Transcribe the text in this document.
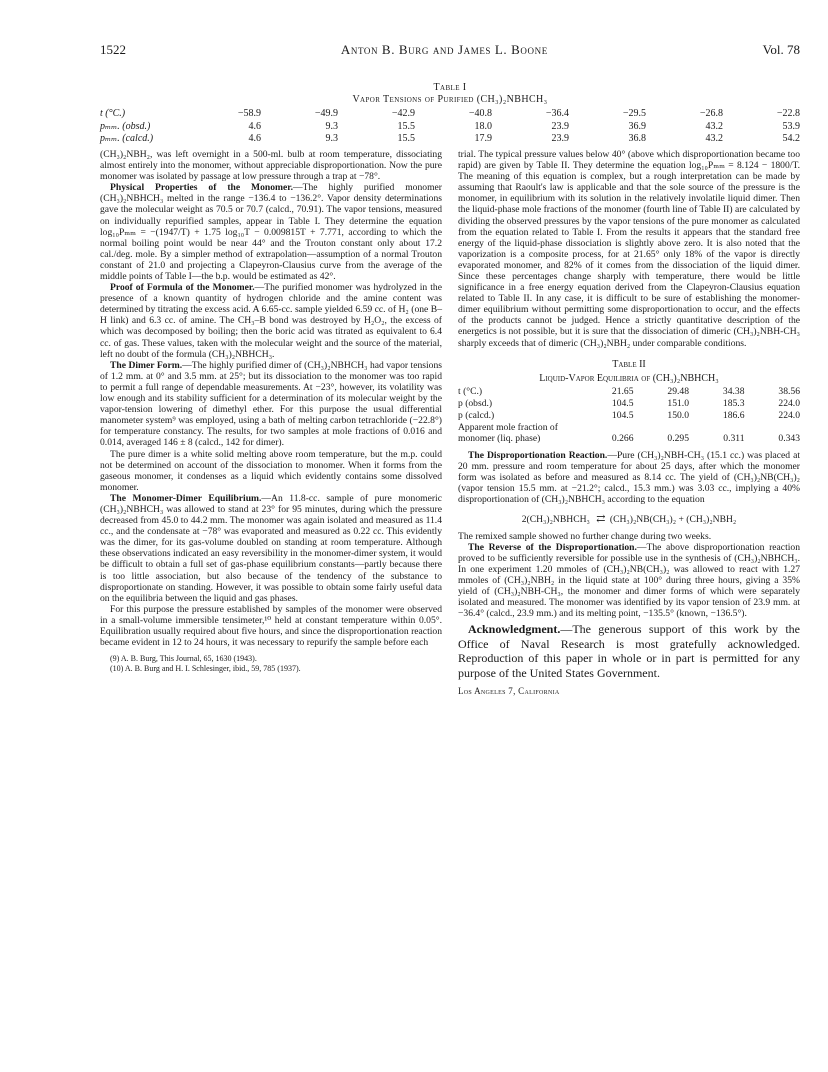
1522	Anton B. Burg and James L. Boone	Vol. 78
Table I
Vapor Tensions of Purified (CH₃)₂NBHCH₃
t (°C.)	−58.9	−49.9	−42.9	−40.8	−36.4	−29.5	−26.8	−22.8
pₘₘ. (obsd.)	4.6	9.3	15.5	18.0	23.9	36.9	43.2	53.9
pₘₘ. (calcd.)	4.6	9.3	15.5	17.9	23.9	36.8	43.2	54.2

(CH₃)₂NBH₂, was left overnight in a 500-ml. bulb at room temperature, dissociating almost entirely into the monomer, without appreciable disproportionation. Now the pure monomer was isolated by passage at low pressure through a trap at −78°.

Physical Properties of the Monomer.—The highly purified monomer (CH₃)₂NBHCH₃ melted in the range −136.4 to −136.2°. Vapor density determinations gave the molecular weight as 70.5 or 70.7 (calcd., 70.91). The vapor tensions, measured on individually repurified samples, appear in Table I. They determine the equation log₁₀Pₘₘ = −(1947/T) + 1.75 log₁₀T − 0.009815T + 7.771, according to which the normal boiling point would be near 44° and the Trouton constant only about 17.2 cal./deg. mole. By a simpler method of extrapolation—assumption of a normal Trouton constant of 21.0 and projecting a Clapeyron-Clausius curve from the average of the middle points of Table I—the b.p. would be estimated as 42°.

Proof of Formula of the Monomer.—The purified monomer was hydrolyzed in the presence of a known quantity of hydrogen chloride and the amine content was determined by titrating the excess acid. A 6.65-cc. sample yielded 6.59 cc. of H₂ (one B–H link) and 6.3 cc. of amine. The CH₃–B bond was destroyed by H₂O₂, the excess of which was decomposed by boiling; then the boric acid was titrated as equivalent to 6.4 cc. of gas. These values, taken with the molecular weight and the source of the material, left no doubt of the formula (CH₃)₂NBHCH₃.

The Dimer Form.—The highly purified dimer of (CH₃)₂NBHCH₃ had vapor tensions of 1.2 mm. at 0° and 3.5 mm. at 25°; but its dissociation to the monomer was too rapid to permit a full range of dependable measurements. At −23°, however, its volatility was low enough and its stability sufficient for a determination of its molecular weight by the vapor-tension lowering of dimethyl ether. For this purpose the usual differential manometer system⁹ was employed, using a bath of melting carbon tetrachloride (−22.8°) for temperature constancy. The results, for two samples at mole fractions of 0.016 and 0.014, averaged 146 ± 8 (calcd., 142 for dimer).

The pure dimer is a white solid melting above room temperature, but the m.p. could not be determined on account of the dissociation to monomer. When it forms from the gaseous monomer, it condenses as a liquid which evidently contains some dissolved monomer.

The Monomer-Dimer Equilibrium.—An 11.8-cc. sample of pure monomeric (CH₃)₂NBHCH₃ was allowed to stand at 23° for 95 minutes, during which the pressure decreased from 45.0 to 44.2 mm. The monomer was again isolated and measured as 11.4 cc., and the condensate at −78° was evaporated and measured as 0.22 cc. This evidently was the dimer, for its gas-volume doubled on standing at room temperature. Although these observations indicated an easy reversibility in the monomer-dimer system, it would be difficult to obtain a full set of gas-phase equilibrium constants—partly because there is too little association, but also because of the tendency of the substance to disproportionate on standing. However, it was possible to obtain some fairly useful data on the equilibria between the liquid and gas phases.

For this purpose the pressure established by samples of the monomer were observed in a small-volume immersible tensimeter,¹⁰ held at constant temperature within 0.05°. Equilibration usually required about five hours, and since the disproportionation reaction became evident in 12 to 24 hours, it was necessary to repurify the sample before each

(9) A. B. Burg, This Journal, 65, 1630 (1943).
(10) A. B. Burg and H. I. Schlesinger, ibid., 59, 785 (1937).

trial. The typical pressure values below 40° (above which disproportionation became too rapid) are given by Table II. They determine the equation log₁₀Pₘₘ = 8.124 − 1800/T. The meaning of this equation is complex, but a rough interpretation can be made by assuming that Raoult's law is applicable and that the sole source of the pressure is the monomer, in equilibrium with its solution in the relatively involatile liquid dimer. Then the liquid-phase mole fractions of the monomer (fourth line of Table II) are calculated by dividing the observed pressures by the vapor tensions of the pure monomer as calculated from the equation related to Table I. From the results it appears that the standard free energy of the liquid-phase dissociation is slightly above zero. It is also noted that the vaporization is a composite process, for at 21.65° only 18% of the vapor is directly evaporated monomer, and 82% of it comes from the dissociation of the liquid dimer. Since these percentages change sharply with temperature, there would be little significance in a free energy equation derived from the Clapeyron-Clausius equation related to Table II. In any case, it is difficult to be sure of establishing the monomer-dimer equilibrium without permitting some disproportionation to occur, and the effects of the products cannot be judged. Hence a strictly quantitative description of the energetics is not possible, but it is sure that the dissociation of dimeric (CH₃)₂NBH-CH₃ sharply exceeds that of dimeric (CH₃)₂NBH₂ under comparable conditions.

Table II
Liquid-Vapor Equilibria of (CH₃)₂NBHCH₃
t (°C.)	21.65	29.48	34.38	38.56
p (obsd.)	104.5	151.0	185.3	224.0
p (calcd.)	104.5	150.0	186.6	224.0
Apparent mole fraction of monomer (liq. phase)	0.266	0.295	0.311	0.343

The Disproportionation Reaction.—Pure (CH₃)₂NBH-CH₃ (15.1 cc.) was placed at 20 mm. pressure and room temperature for about 25 days, after which the monomer form was isolated as before and measured as 8.14 cc. The yield of (CH₃)₂NB(CH₃)₂ (vapor tension 15.5 mm. at −21.2°; calcd., 15.3 mm.) was 3.03 cc., implying a 40% disproportionation of (CH₃)₂NBHCH₃ according to the equation

2(CH₃)₂NBHCH₃ ⇄ (CH₃)₂NB(CH₃)₂ + (CH₃)₂NBH₂

The remixed sample showed no further change during two weeks.

The Reverse of the Disproportionation.—The above disproportionation reaction proved to be sufficiently reversible for possible use in the synthesis of (CH₃)₂NBHCH₃. In one experiment 1.20 mmoles of (CH₃)₂NB(CH₃)₂ was allowed to react with 1.27 mmoles of (CH₃)₂NBH₂ in the liquid state at 100° during three hours, giving a 35% yield of (CH₃)₂NBH-CH₃, the monomer and dimer forms of which were separately isolated and measured. The monomer was identified by its vapor tension of 23.9 mm. at −36.4° (calcd., 23.9 mm.) and its melting point, −135.5° (known, −136.5°).

Acknowledgment.—The generous support of this work by the Office of Naval Research is most gratefully acknowledged. Reproduction of this paper in whole or in part is permitted for any purpose of the United States Government.

Los Angeles 7, California
